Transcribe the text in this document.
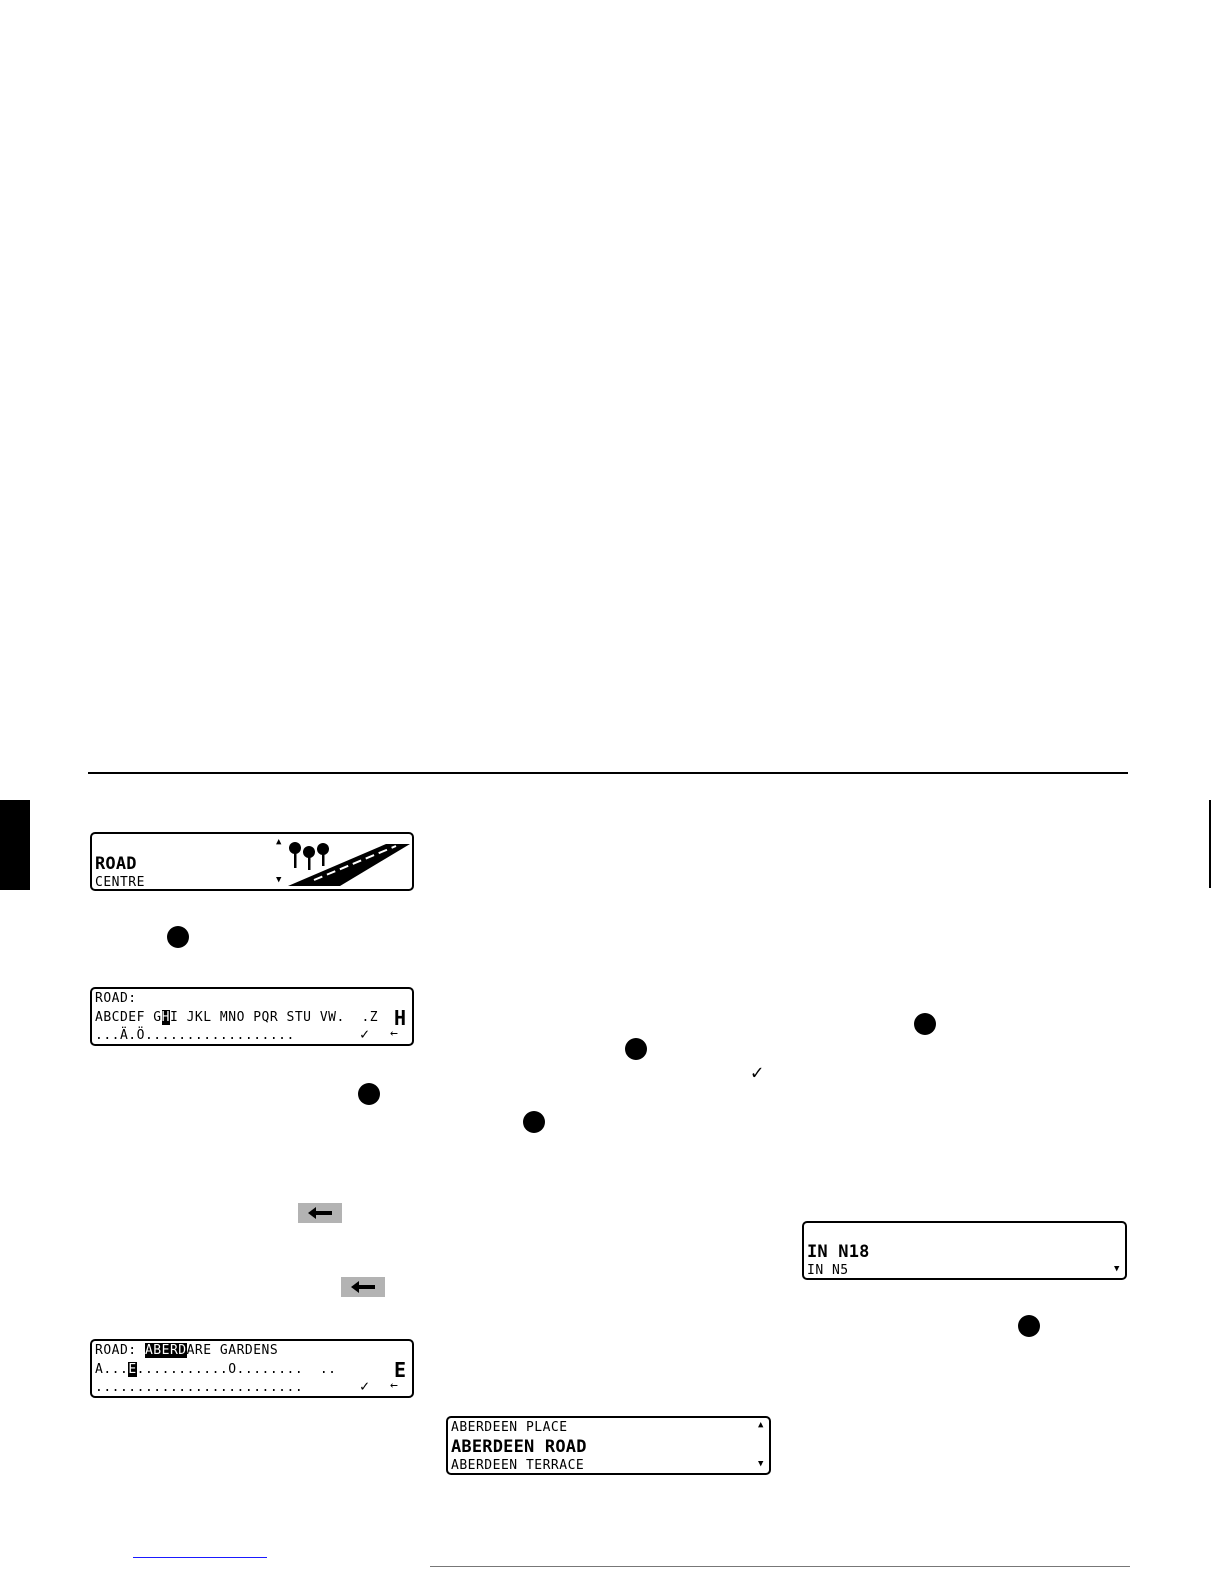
ROAD
CENTRE
▲
▼
ROAD:
ABCDEF GHI JKL MNO PQR STU VW.  .Z
...Ä.Ö..................
H
✓ ←
✓
ROAD: ABERDARE GARDENS
A...E...........O........  ..
.........................
E
✓ ←
ABERDEEN PLACE
ABERDEEN ROAD
ABERDEEN TERRACE
▲
▼
IN N18
IN N5	▼
